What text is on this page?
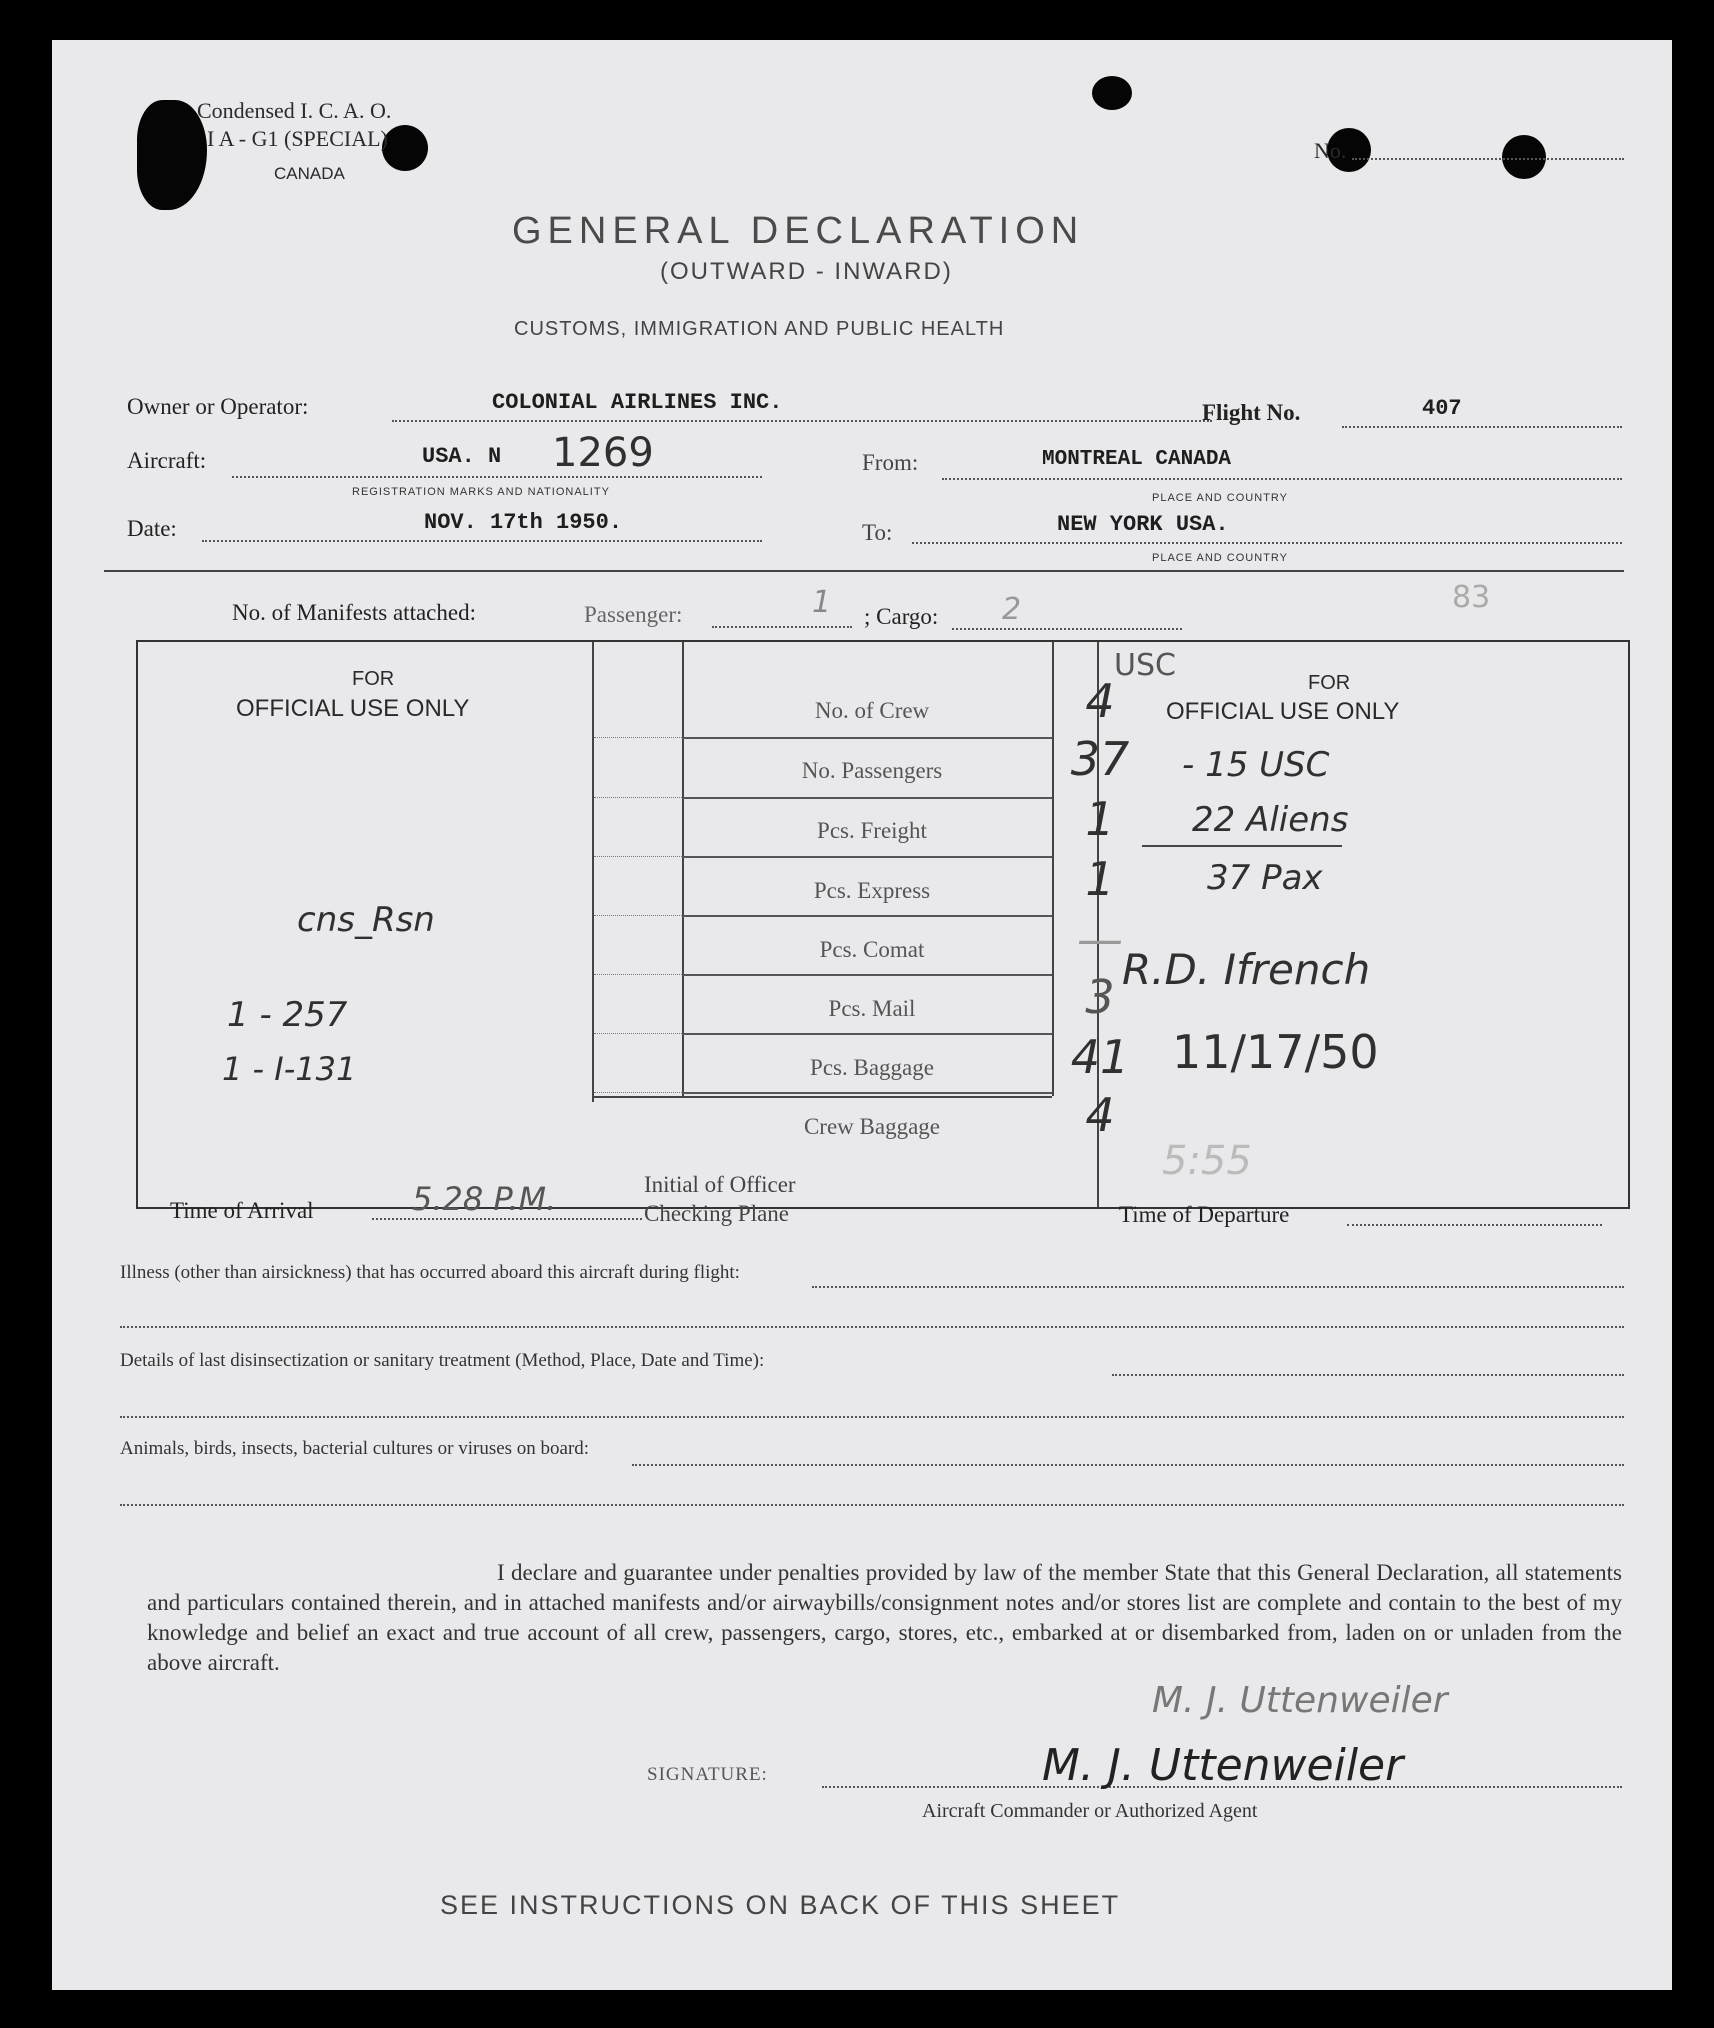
Condensed I. C. A. O.
I A - G1 (SPECIAL)
CANADA
No.
GENERAL DECLARATION
(OUTWARD - INWARD)
CUSTOMS, IMMIGRATION AND PUBLIC HEALTH
Owner or Operator:	COLONIAL AIRLINES INC.	Flight No.	407
Aircraft:	USA. N 1269
REGISTRATION MARKS AND NATIONALITY
From:	MONTREAL CANADA
PLACE AND COUNTRY
Date:	NOV. 17th 1950.	To:	NEW YORK USA.
PLACE AND COUNTRY
No. of Manifests attached:	Passenger:	1 ; Cargo: 2	83
FOR
OFFICIAL USE ONLY
cns_Rsn
1 - 257
1 - I-131
Time of Arrival	5.28 P.M.
No. of Crew	4
No. Passengers	37
Pcs. Freight	1
Pcs. Express	1
Pcs. Comat	—
Pcs. Mail	3
Pcs. Baggage	41
Crew Baggage	4
Initial of Officer
Checking Plane
USC	FOR
OFFICIAL USE ONLY
- 15 USC
22 Aliens
37 Pax
R.D. Ifrench
11/17/50
5:55
Time of Departure
Illness (other than airsickness) that has occurred aboard this aircraft during flight:
Details of last disinsectization or sanitary treatment (Method, Place, Date and Time):
Animals, birds, insects, bacterial cultures or viruses on board:
I declare and guarantee under penalties provided by law of the member State that this General Declaration, all statements and particulars contained therein, and in attached manifests and/or airwaybills/consignment notes and/or stores list are complete and contain to the best of my knowledge and belief an exact and true account of all crew, passengers, cargo, stores, etc., embarked at or disembarked from, laden on or unladen from the above aircraft.
M. J. Uttenweiler
SIGNATURE:	M. J. Uttenweiler
Aircraft Commander or Authorized Agent
SEE INSTRUCTIONS ON BACK OF THIS SHEET
